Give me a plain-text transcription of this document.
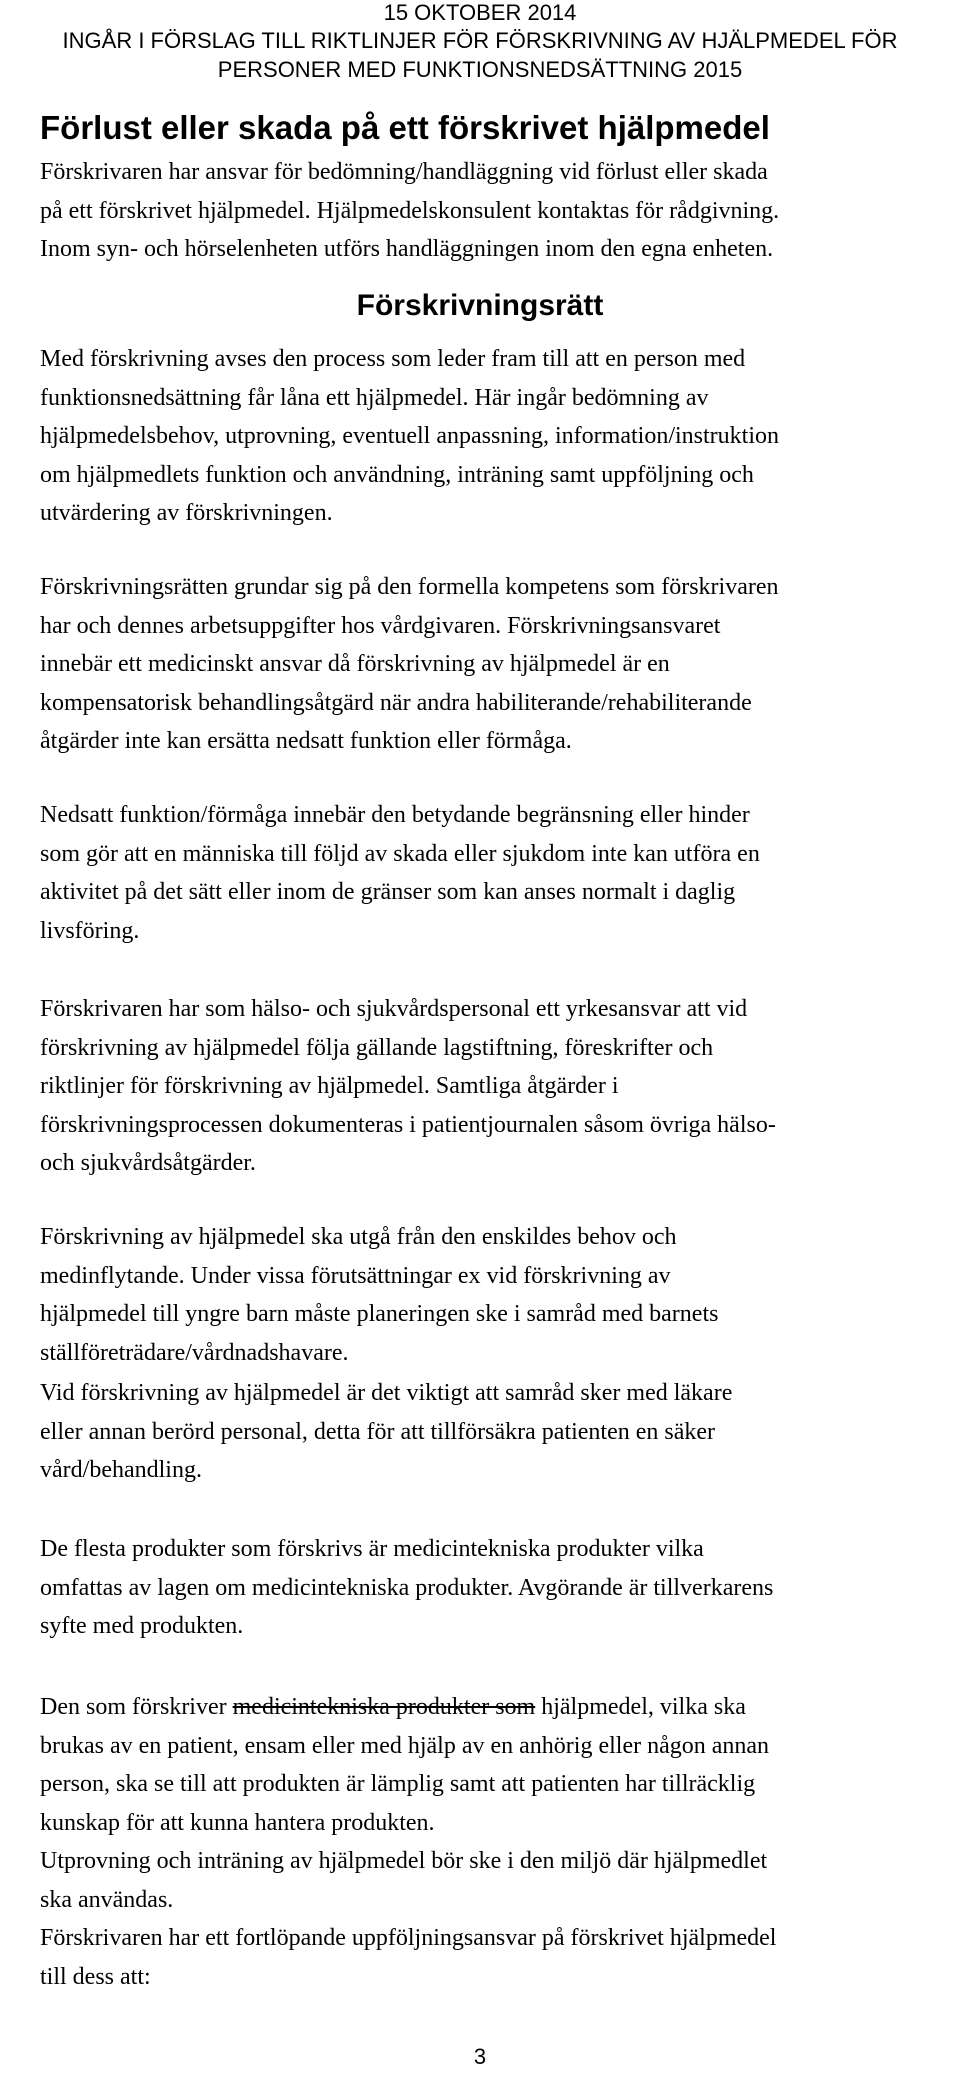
15 OKTOBER 2014
INGÅR I FÖRSLAG TILL RIKTLINJER FÖR FÖRSKRIVNING AV HJÄLPMEDEL FÖR
PERSONER MED FUNKTIONSNEDSÄTTNING 2015
Förlust eller skada på ett förskrivet hjälpmedel
Förskrivaren har ansvar för bedömning/handläggning vid förlust eller skada
på ett förskrivet hjälpmedel. Hjälpmedelskonsulent kontaktas för rådgivning.
Inom syn- och hörselenheten utförs handläggningen inom den egna enheten.
Förskrivningsrätt
Med förskrivning avses den process som leder fram till att en person med
funktionsnedsättning får låna ett hjälpmedel. Här ingår bedömning av
hjälpmedelsbehov, utprovning, eventuell anpassning, information/instruktion
om hjälpmedlets funktion och användning, inträning samt uppföljning och
utvärdering av förskrivningen.
Förskrivningsrätten grundar sig på den formella kompetens som förskrivaren
har och dennes arbetsuppgifter hos vårdgivaren. Förskrivningsansvaret
innebär ett medicinskt ansvar då förskrivning av hjälpmedel är en
kompensatorisk behandlingsåtgärd när andra habiliterande/rehabiliterande
åtgärder inte kan ersätta nedsatt funktion eller förmåga.
Nedsatt funktion/förmåga innebär den betydande begränsning eller hinder
som gör att en människa till följd av skada eller sjukdom inte kan utföra en
aktivitet på det sätt eller inom de gränser som kan anses normalt i daglig
livsföring.
Förskrivaren har som hälso- och sjukvårdspersonal ett yrkesansvar att vid
förskrivning av hjälpmedel följa gällande lagstiftning, föreskrifter och
riktlinjer för förskrivning av hjälpmedel. Samtliga åtgärder i
förskrivningsprocessen dokumenteras i patientjournalen såsom övriga hälso-
och sjukvårdsåtgärder.
Förskrivning av hjälpmedel ska utgå från den enskildes behov och
medinflytande. Under vissa förutsättningar ex vid förskrivning av
hjälpmedel till yngre barn måste planeringen ske i samråd med barnets
ställföreträdare/vårdnadshavare.
Vid förskrivning av hjälpmedel är det viktigt att samråd sker med läkare
eller annan berörd personal, detta för att tillförsäkra patienten en säker
vård/behandling.
De flesta produkter som förskrivs är medicintekniska produkter vilka
omfattas av lagen om medicintekniska produkter. Avgörande är tillverkarens
syfte med produkten.
Den som förskriver medicintekniska produkter som hjälpmedel, vilka ska
brukas av en patient, ensam eller med hjälp av en anhörig eller någon annan
person, ska se till att produkten är lämplig samt att patienten har tillräcklig
kunskap för att kunna hantera produkten.
Utprovning och inträning av hjälpmedel bör ske i den miljö där hjälpmedlet
ska användas.
Förskrivaren har ett fortlöpande uppföljningsansvar på förskrivet hjälpmedel
till dess att:
3
